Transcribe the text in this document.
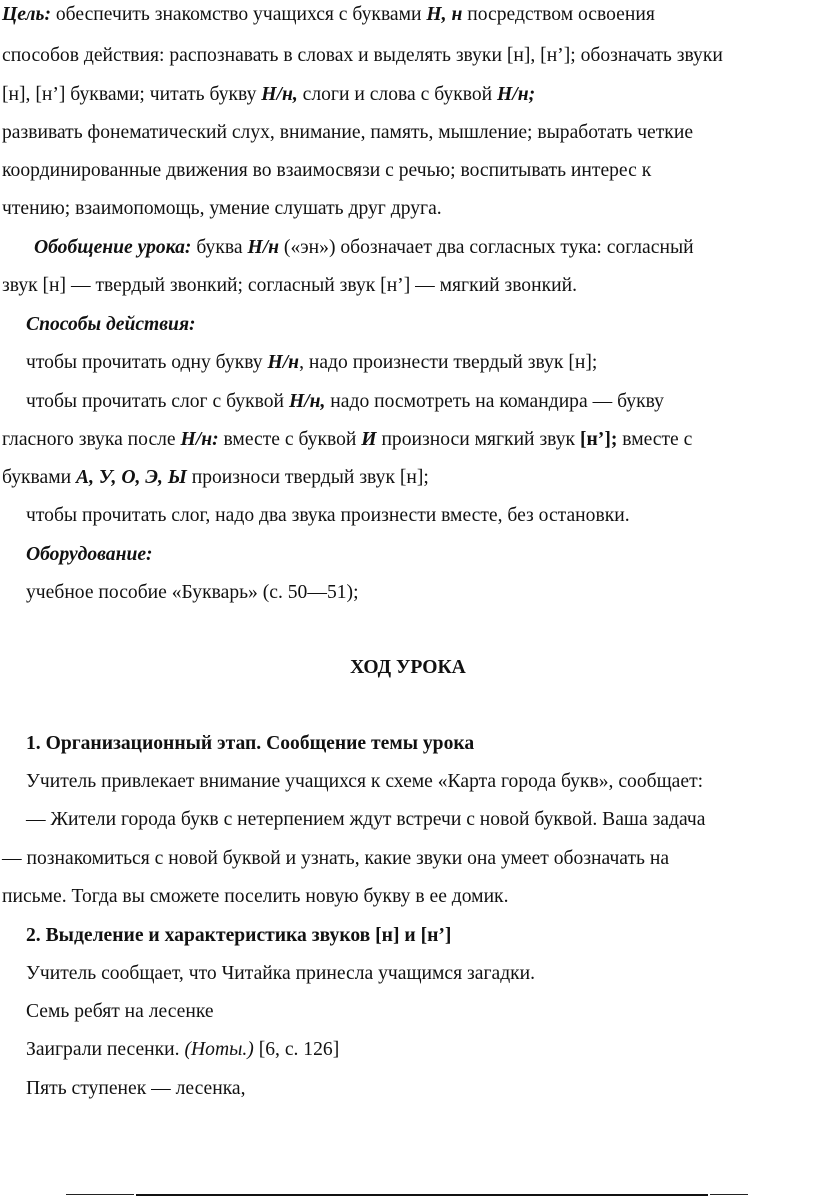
Цель: обеспечить знакомство учащихся с буквами Н, н посредством освоения
способов действия: распознавать в словах и выделять звуки [н], [н’]; обозначать звуки
[н], [н’] буквами; читать букву Н/н, слоги и слова с буквой Н/н;
развивать фонематический слух, внимание, память, мышление; выработать четкие
координированные движения во взаимосвязи с речью; воспитывать интерес к
чтению; взаимопомощь, умение слушать друг друга.
Обобщение урока: буква Н/н («эн») обозначает два согласных тука: согласный
звук [н] — твердый звонкий; согласный звук [н’] — мягкий звонкий.
Способы действия:
чтобы прочитать одну букву Н/н, надо произнести твердый звук [н];
чтобы прочитать слог с буквой Н/н, надо посмотреть на командира — букву
гласного звука после Н/н: вместе с буквой И произноси мягкий звук [н’]; вместе с
буквами А, У, О, Э, Ы произноси твердый звук [н];
чтобы прочитать слог, надо два звука произнести вместе, без остановки.
Оборудование:
учебное пособие «Букварь» (с. 50—51);
ХОД УРОКА
1. Организационный этап. Сообщение темы урока
Учитель привлекает внимание учащихся к схеме «Карта города букв», сообщает:
— Жители города букв с нетерпением ждут встречи с новой буквой. Ваша задача
— познакомиться с новой буквой и узнать, какие звуки она умеет обозначать на
письме. Тогда вы сможете поселить новую букву в ее домик.
2. Выделение и характеристика звуков [н] и [н’]
Учитель сообщает, что Читайка принесла учащимся загадки.
Семь ребят на лесенке
Заиграли песенки. (Ноты.) [6, с. 126]
Пять ступенек — лесенка,
